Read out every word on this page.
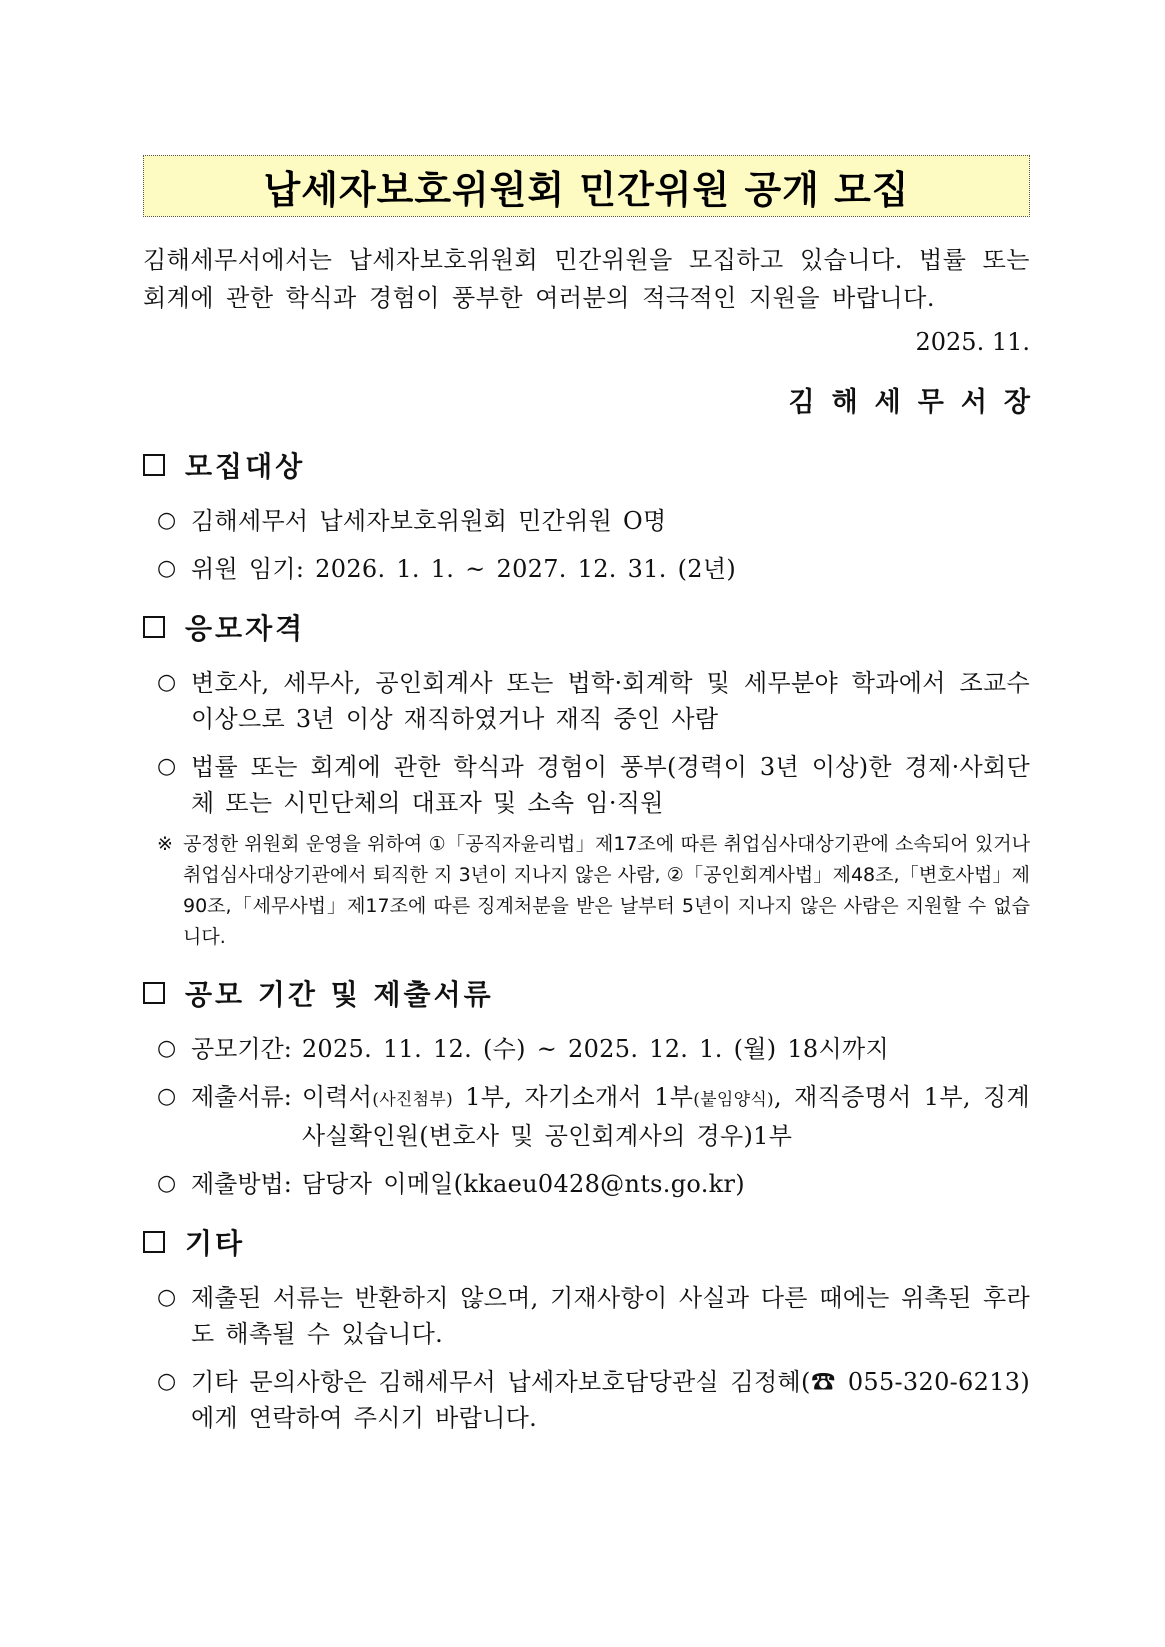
납세자보호위원회 민간위원 공개 모집
김해세무서에서는 납세자보호위원회 민간위원을 모집하고 있습니다. 법률 또는 회계에 관한 학식과 경험이 풍부한 여러분의 적극적인 지원을 바랍니다.
2025. 11.
김해세무서장
모집대상
○ 김해세무서 납세자보호위원회 민간위원 O명
○ 위원 임기: 2026. 1. 1. ~ 2027. 12. 31. (2년)
응모자격
○ 변호사, 세무사, 공인회계사 또는 법학·회계학 및 세무분야 학과에서 조교수 이상으로 3년 이상 재직하였거나 재직 중인 사람
○ 법률 또는 회계에 관한 학식과 경험이 풍부(경력이 3년 이상)한 경제·사회단체 또는 시민단체의 대표자 및 소속 임·직원
※ 공정한 위원회 운영을 위하여 ①「공직자윤리법」제17조에 따른 취업심사대상기관에 소속되어 있거나 취업심사대상기관에서 퇴직한 지 3년이 지나지 않은 사람, ②「공인회계사법」제48조,「변호사법」제90조,「세무사법」제17조에 따른 징계처분을 받은 날부터 5년이 지나지 않은 사람은 지원할 수 없습니다.
공모 기간 및 제출서류
○ 공모기간: 2025. 11. 12. (수) ~ 2025. 12. 1. (월) 18시까지
○ 제출서류: 이력서(사진첨부) 1부, 자기소개서 1부(붙임양식), 재직증명서 1부, 징계사실확인원(변호사 및 공인회계사의 경우)1부
○ 제출방법: 담당자 이메일(kkaeu0428@nts.go.kr)
기타
○ 제출된 서류는 반환하지 않으며, 기재사항이 사실과 다른 때에는 위촉된 후라도 해촉될 수 있습니다.
○ 기타 문의사항은 김해세무서 납세자보호담당관실 김정혜(☎ 055-320-6213)에게 연락하여 주시기 바랍니다.
